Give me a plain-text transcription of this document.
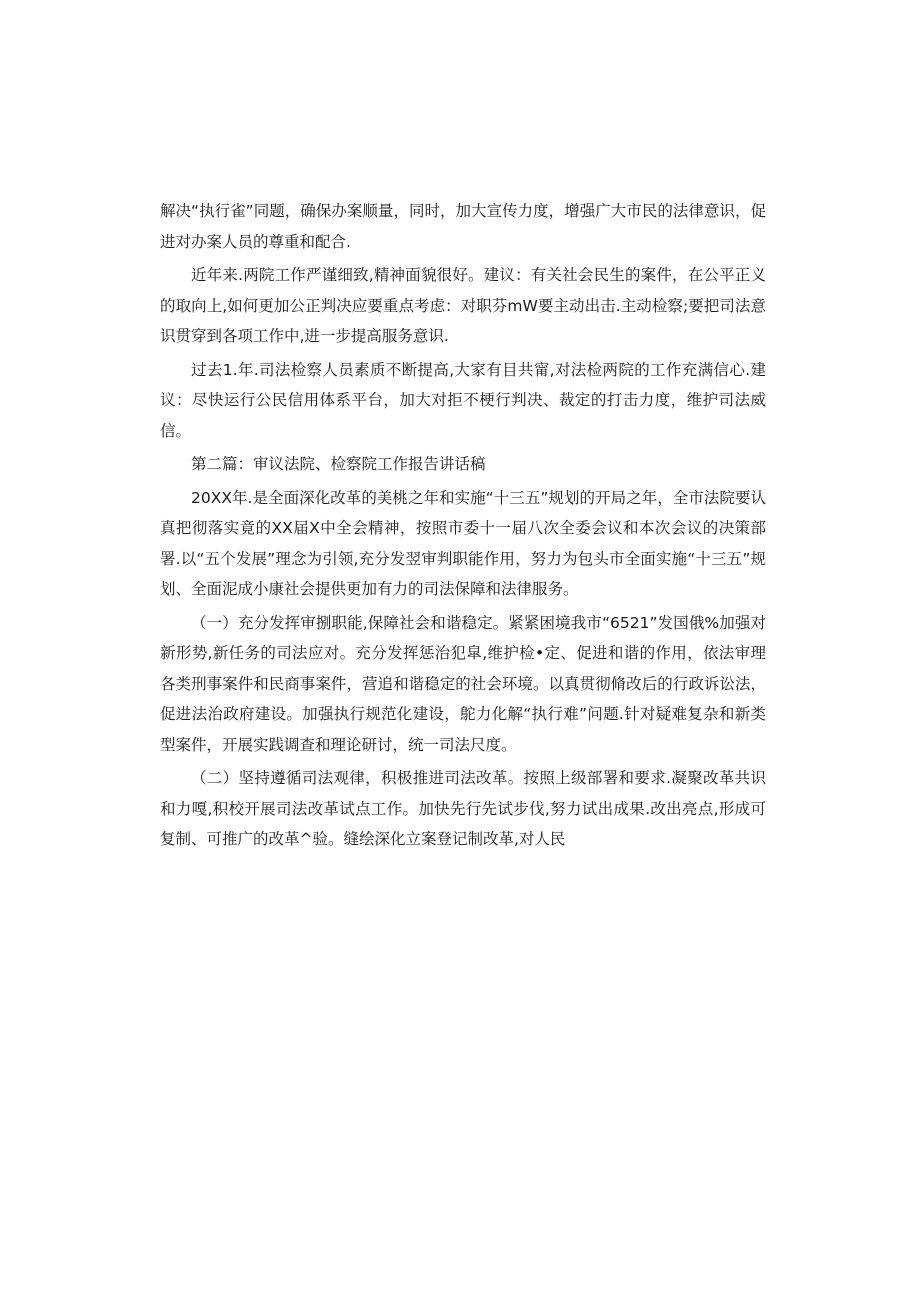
解决“执行雀”同题，确保办案顺量，同时，加大宣传力度，增强广大市民的法律意识，促进对办案人员的尊重和配合.

近年来.两院工作严谨细致,精神面貌很好。建议：有关社会民生的案件，在公平正义的取向上,如何更加公正判决应要重点考虑：对职芬mW要主动出击.主动检察;要把司法意识贯穿到各项工作中,进一步提高服务意识.

过去1.年.司法检察人员素质不断提高,大家有目共甯,对法检两院的工作充满信心.建议：尽快运行公民信用体系平台，加大对拒不梗行判决、裁定的打击力度，维护司法威信。

第二篇：审议法院、检察院工作报告讲话稿

20XX年.是全面深化改革的美桃之年和实施“十三五”规划的开局之年，全市法院要认真把彻落实竟的XX届X中全会精神，按照市委十一届八次全委会议和本次会议的决策部署.以“五个发展”理念为引领,充分发翌审判职能作用，努力为包头市全面实施“十三五”规划、全面泥成小康社会提供更加有力的司法保障和法律服务。

（一）充分发挥审捌职能,保障社会和谐稳定。紧紧困境我市“6521”发国俄%加强对新形势,新任务的司法应对。充分发挥惩治犯皐,维护检•定、促进和谐的作用，依法审理各类刑事案件和民商事案件，营追和谐稳定的社会环境。以真贯彻脩改后的行政诉讼法，促进法治政府建设。加强执行规范化建设，鴕力化解“执行难”问题.针对疑难复杂和新类型案件，开展实践调查和理论研讨，统一司法尺度。

（二）坚持遵循司法观律，积极推进司法改革。按照上级部署和要求.凝聚改革共识和力嘎,积校开展司法改革试点工作。加快先行先试步伐,努力试出成果.改出亮点,形成可复制、可推广的改革^验。缝绘深化立案登记制改革,对人民
